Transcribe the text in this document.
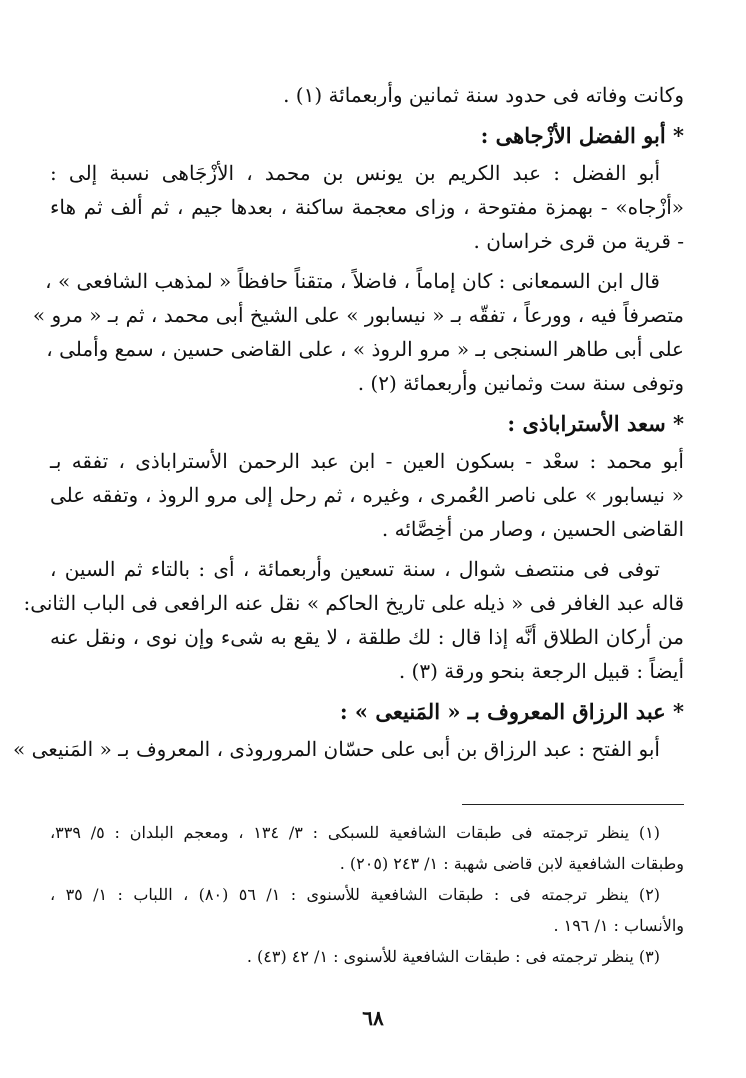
وكانت وفاته فى حدود سنة ثمانين وأربعمائة (١) .
* أبو الفضل الأزْجاهى :
أبو الفضل : عبد الكريم بن يونس بن محمد ، الأزْجَاهى نسبة إلى :
«أزْجاه» - بهمزة مفتوحة ، وزاى معجمة ساكنة ، بعدها جيم ، ثم ألف ثم هاء
- قرية من قرى خراسان .
قال ابن السمعانى : كان إماماً ، فاضلاً ، متقناً حافظاً « لمذهب الشافعى » ،
متصرفاً فيه ، وورعاً ، تفقّه بـ « نيسابور » على الشيخ أبى محمد ، ثم بـ « مرو »
على أبى طاهر السنجى بـ « مرو الروذ » ، على القاضى حسين ، سمع وأملى ،
وتوفى سنة ست وثمانين وأربعمائة (٢) .
* سعد الأستراباذى :
أبو محمد : سعْد - بسكون العين - ابن عبد الرحمن الأستراباذى ، تفقه بـ
« نيسابور » على ناصر العُمرى ، وغيره ، ثم رحل إلى مرو الروذ ، وتفقه على
القاضى الحسين ، وصار من أخِصَّائه .
توفى فى منتصف شوال ، سنة تسعين وأربعمائة ، أى : بالتاء ثم السين ،
قاله عبد الغافر فى « ذيله على تاريخ الحاكم » نقل عنه الرافعى فى الباب الثانى:
من أركان الطلاق أنَّه إذا قال : لك طلقة ، لا يقع به شىء وإن نوى ، ونقل عنه
أيضاً : قبيل الرجعة بنحو ورقة (٣) .
* عبد الرزاق المعروف بـ « المَنيعى » :
أبو الفتح : عبد الرزاق بن أبى على حسّان المروروذى ، المعروف بـ « المَنيعى »
(١) ينظر ترجمته فى طبقات الشافعية للسبكى : ٣/ ١٣٤ ، ومعجم البلدان : ٥/ ٣٣٩،
وطبقات الشافعية لابن قاضى شهبة : ١/ ٢٤٣ (٢٠٥) .
(٢) ينظر ترجمته فى : طبقات الشافعية للأسنوى : ١/ ٥٦ (٨٠) ، اللباب : ١/ ٣٥ ،
والأنساب : ١/ ١٩٦ .
(٣) ينظر ترجمته فى : طبقات الشافعية للأسنوى : ١/ ٤٢ (٤٣) .
٦٨
